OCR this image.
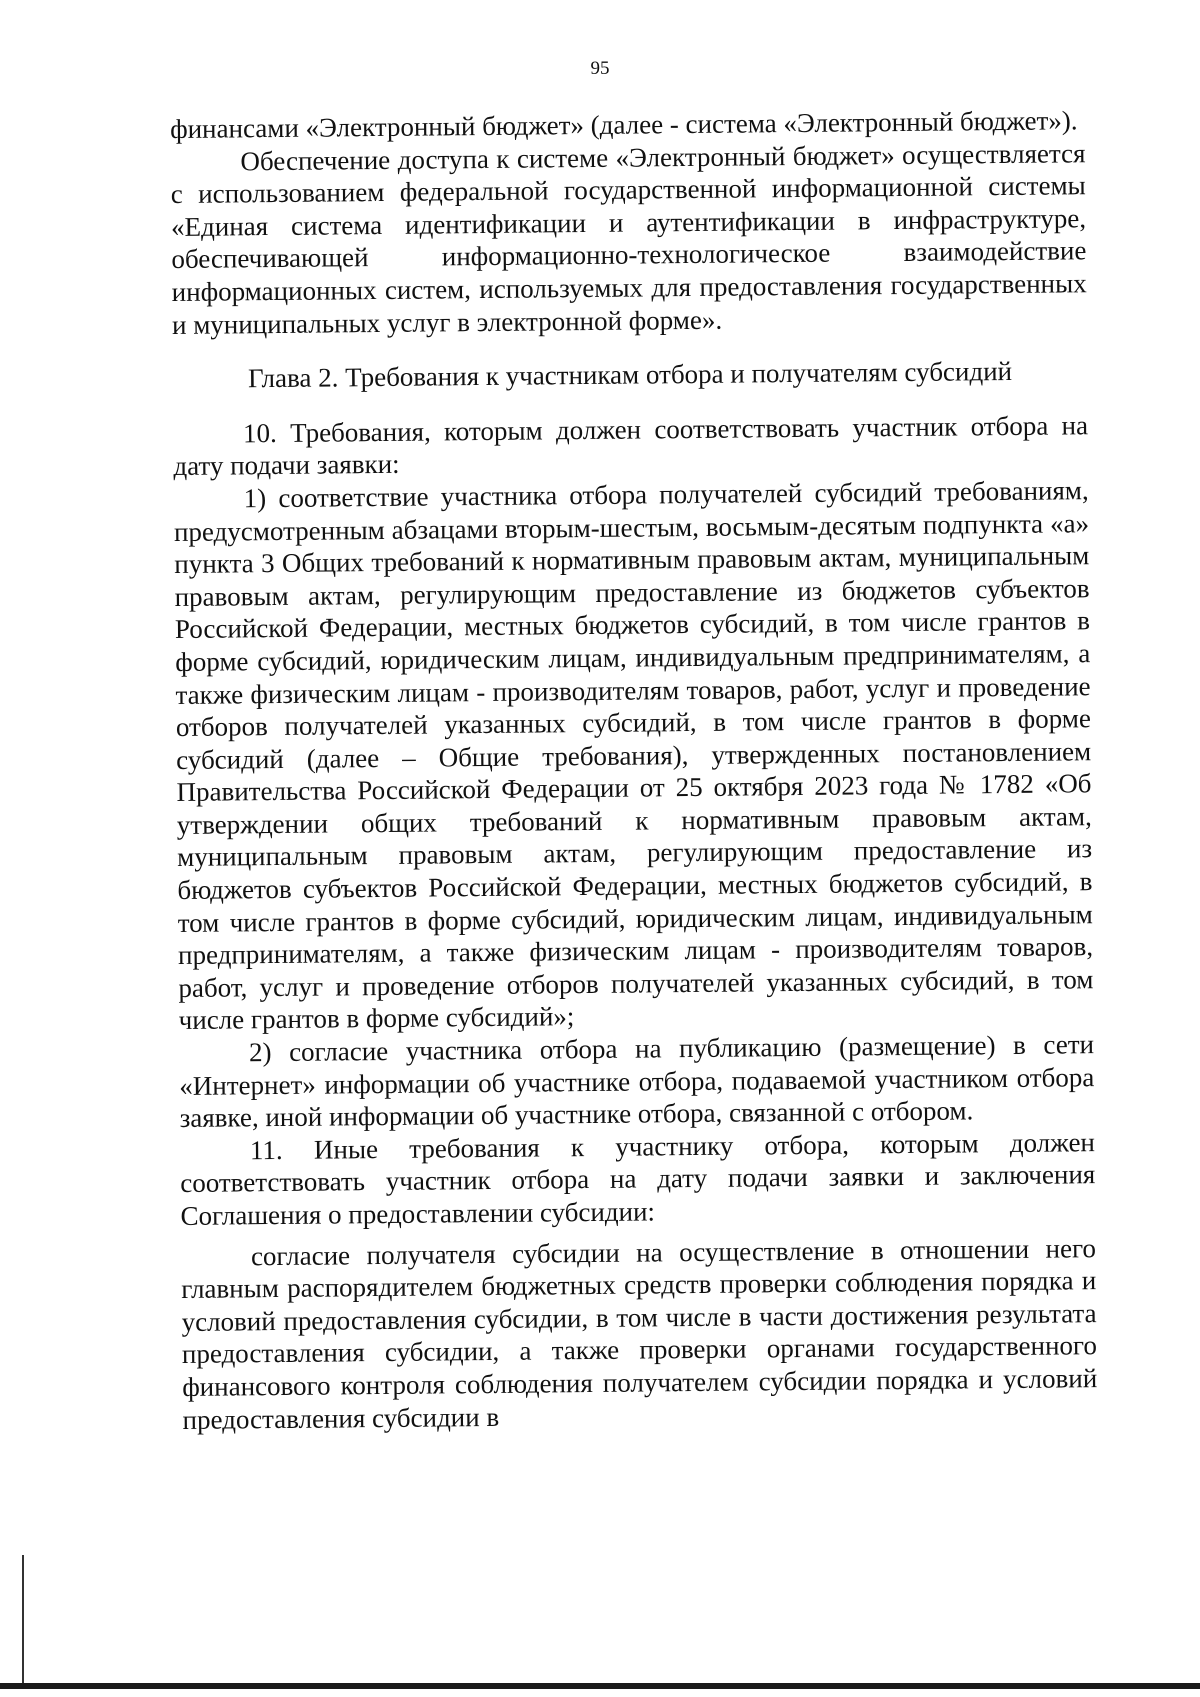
95

финансами «Электронный бюджет» (далее - система «Электронный бюджет»).

Обеспечение доступа к системе «Электронный бюджет» осуществляется с использованием федеральной государственной информационной системы «Единая система идентификации и аутентификации в инфраструктуре, обеспечивающей информационно-технологическое взаимодействие информационных систем, используемых для предоставления государственных и муниципальных услуг в электронной форме».

Глава 2. Требования к участникам отбора и получателям субсидий

10. Требования, которым должен соответствовать участник отбора на дату подачи заявки:

1) соответствие участника отбора получателей субсидий требованиям, предусмотренным абзацами вторым-шестым, восьмым-десятым подпункта «а» пункта 3 Общих требований к нормативным правовым актам, муниципальным правовым актам, регулирующим предоставление из бюджетов субъектов Российской Федерации, местных бюджетов субсидий, в том числе грантов в форме субсидий, юридическим лицам, индивидуальным предпринимателям, а также физическим лицам - производителям товаров, работ, услуг и проведение отборов получателей указанных субсидий, в том числе грантов в форме субсидий (далее – Общие требования), утвержденных постановлением Правительства Российской Федерации от 25 октября 2023 года № 1782 «Об утверждении общих требований к нормативным правовым актам, муниципальным правовым актам, регулирующим предоставление из бюджетов субъектов Российской Федерации, местных бюджетов субсидий, в том числе грантов в форме субсидий, юридическим лицам, индивидуальным предпринимателям, а также физическим лицам - производителям товаров, работ, услуг и проведение отборов получателей указанных субсидий, в том числе грантов в форме субсидий»;

2) согласие участника отбора на публикацию (размещение) в сети «Интернет» информации об участнике отбора, подаваемой участником отбора заявке, иной информации об участнике отбора, связанной с отбором.

11. Иные требования к участнику отбора, которым должен соответствовать участник отбора на дату подачи заявки и заключения Соглашения о предоставлении субсидии:

согласие получателя субсидии на осуществление в отношении него главным распорядителем бюджетных средств проверки соблюдения порядка и условий предоставления субсидии, в том числе в части достижения результата предоставления субсидии, а также проверки органами государственного финансового контроля соблюдения получателем субсидии порядка и условий предоставления субсидии в
